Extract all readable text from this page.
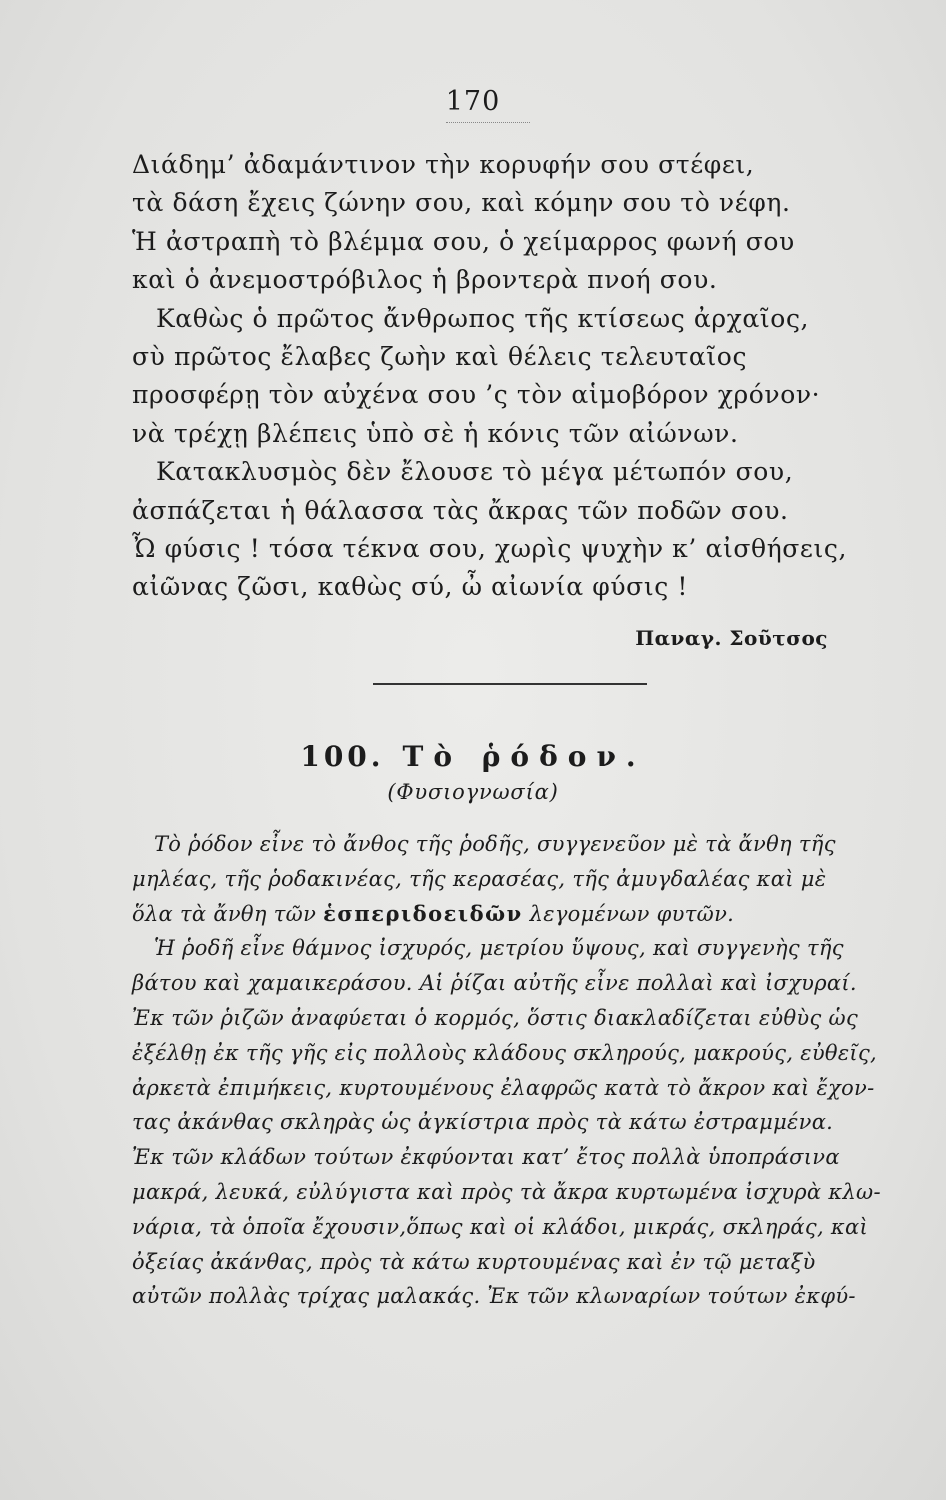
170
Διάδημ’ ἀδαμάντινον τὴν κορυφήν σου στέφει,
τὰ δάση ἔχεις ζώνην σου, καὶ κόμην σου τὸ νέφη.
Ἡ ἀστραπὴ τὸ βλέμμα σου, ὁ χείμαρρος φωνή σου
καὶ ὁ ἀνεμοστρόβιλος ἡ βροντερὰ πνοή σου.
Καθὼς ὁ πρῶτος ἄνθρωπος τῆς κτίσεως ἀρχαῖος,
σὺ πρῶτος ἔλαβες ζωὴν καὶ θέλεις τελευταῖος
προσφέρῃ τὸν αὐχένα σου ’ς τὸν αἱμοβόρον χρόνον·
νὰ τρέχῃ βλέπεις ὑπὸ σὲ ἡ κόνις τῶν αἰώνων.
Κατακλυσμὸς δὲν ἔλουσε τὸ μέγα μέτωπόν σου,
ἀσπάζεται ἡ θάλασσα τὰς ἄκρας τῶν ποδῶν σου.
Ὦ φύσις ! τόσα τέκνα σου, χωρὶς ψυχὴν κ’ αἰσθήσεις,
αἰῶνας ζῶσι, καθὼς σύ, ὦ αἰωνία φύσις !
Παναγ. Σοῦτσος
100. Τὸ ῥόδον.
(Φυσιογνωσία)
Τὸ ῥόδον εἶνε τὸ ἄνθος τῆς ῥοδῆς, συγγενεῦον μὲ τὰ ἄνθη τῆς
μηλέας, τῆς ῥοδακινέας, τῆς κερασέας, τῆς ἀμυγδαλέας καὶ μὲ
ὅλα τὰ ἄνθη τῶν
ἑσπεριδοειδῶν
λεγομένων φυτῶν.
Ἡ ῥοδῆ εἶνε θάμνος ἰσχυρός, μετρίου ὕψους, καὶ συγγενὴς τῆς
βάτου καὶ χαμαικεράσου. Αἱ ῥίζαι αὐτῆς εἶνε πολλαὶ καὶ ἰσχυραί.
Ἐκ τῶν ῥιζῶν ἀναφύεται ὁ κορμός, ὅστις διακλαδίζεται εὐθὺς ὡς
ἐξέλθῃ ἐκ τῆς γῆς εἰς πολλοὺς κλάδους σκληρούς, μακρούς, εὐθεῖς,
ἀρκετὰ ἐπιμήκεις, κυρτουμένους ἐλαφρῶς κατὰ τὸ ἄκρον καὶ ἔχον-
τας ἀκάνθας σκληρὰς ὡς ἀγκίστρια πρὸς τὰ κάτω ἐστραμμένα.
Ἐκ τῶν κλάδων τούτων ἐκφύονται κατ’ ἔτος πολλὰ ὑποπράσινα
μακρά, λευκά, εὐλύγιστα καὶ πρὸς τὰ ἄκρα κυρτωμένα ἰσχυρὰ κλω-
νάρια, τὰ ὁποῖα ἔχουσιν,ὅπως καὶ οἱ κλάδοι, μικράς, σκληράς, καὶ
ὀξείας ἀκάνθας, πρὸς τὰ κάτω κυρτουμένας καὶ ἐν τῷ μεταξὺ
αὐτῶν πολλὰς τρίχας μαλακάς. Ἐκ τῶν κλωναρίων τούτων ἐκφύ-
